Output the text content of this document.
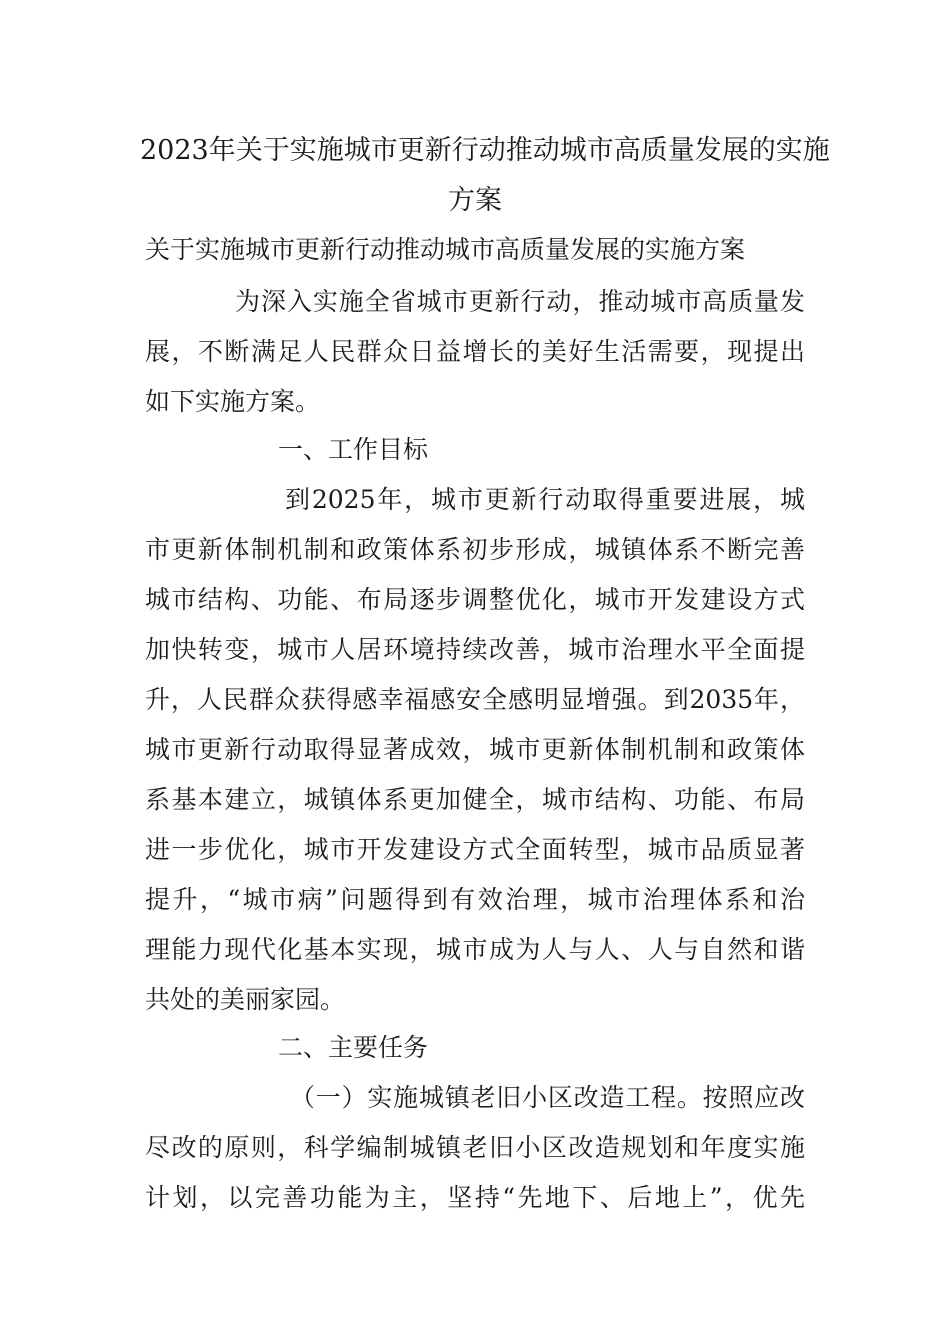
2023年关于实施城市更新行动推动城市高质量发展的实施
方案
关于实施城市更新行动推动城市高质量发展的实施方案
为深入实施全省城市更新行动，推动城市高质量发
展，不断满足人民群众日益增长的美好生活需要，现提出
如下实施方案。
一、工作目标
到2025年，城市更新行动取得重要进展，城
市更新体制机制和政策体系初步形成，城镇体系不断完善
城市结构、功能、布局逐步调整优化，城市开发建设方式
加快转变，城市人居环境持续改善，城市治理水平全面提
升，人民群众获得感幸福感安全感明显增强。到2035年，
城市更新行动取得显著成效，城市更新体制机制和政策体
系基本建立，城镇体系更加健全，城市结构、功能、布局
进一步优化，城市开发建设方式全面转型，城市品质显著
提升，“城市病”问题得到有效治理，城市治理体系和治
理能力现代化基本实现，城市成为人与人、人与自然和谐
共处的美丽家园。
二、主要任务
（一）实施城镇老旧小区改造工程。按照应改
尽改的原则，科学编制城镇老旧小区改造规划和年度实施
计划，以完善功能为主，坚持“先地下、后地上”，优先
